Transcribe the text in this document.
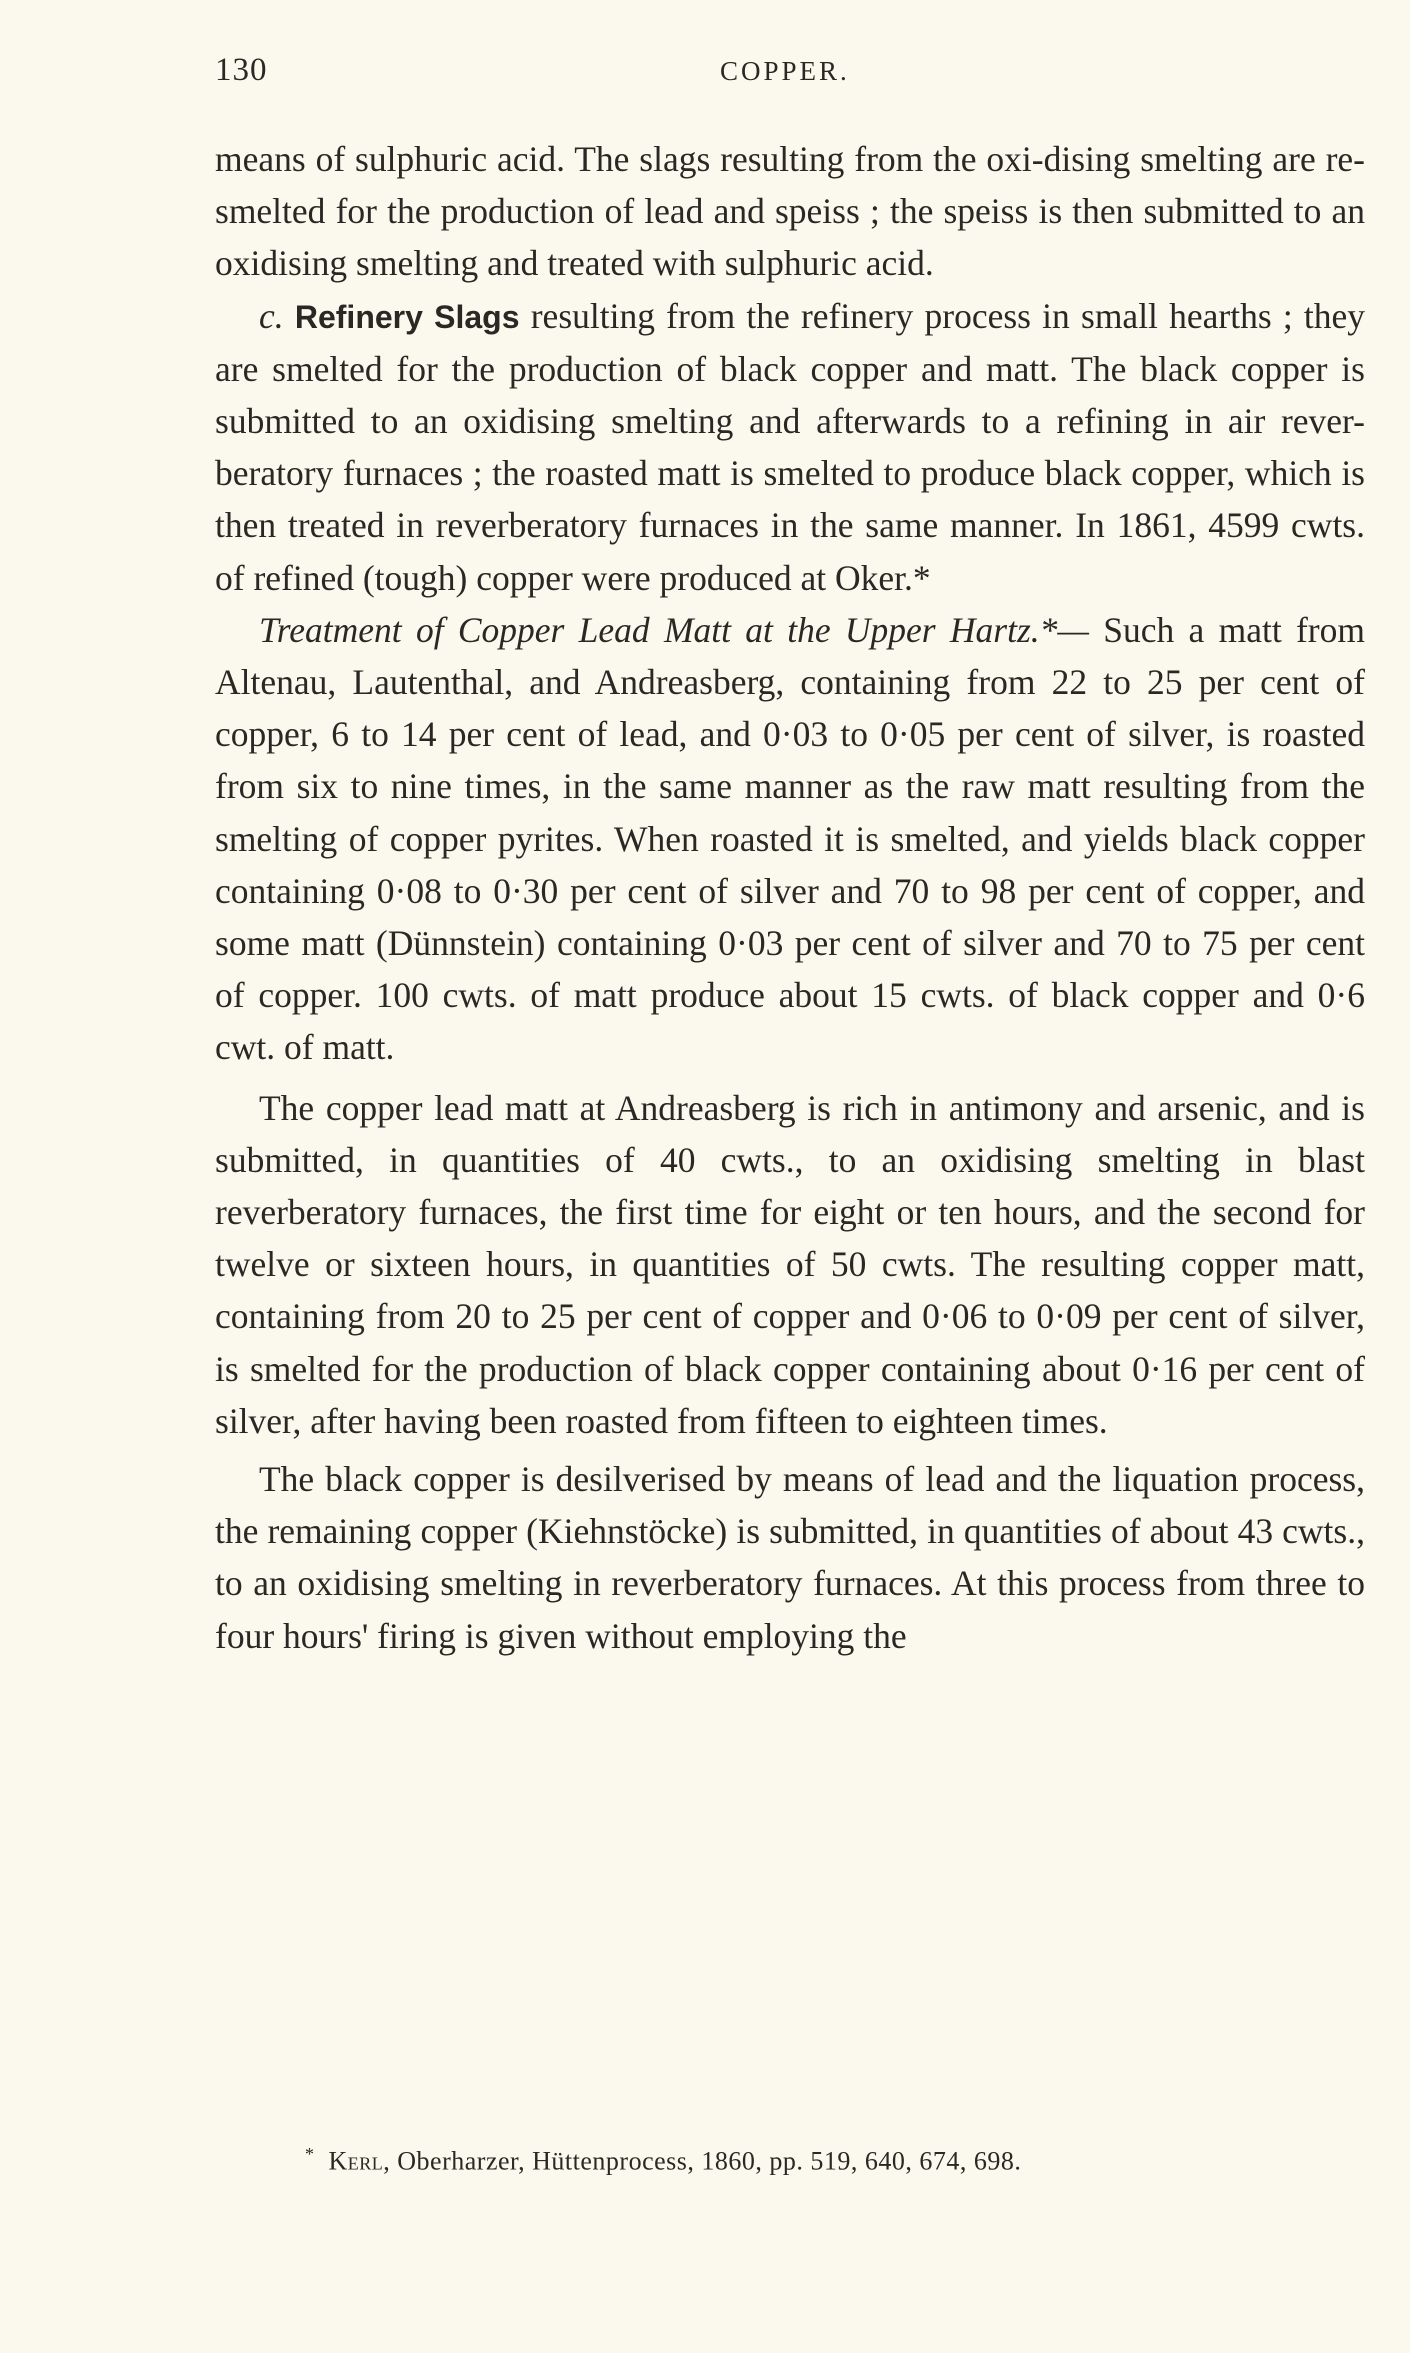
130	COPPER.

means of sulphuric acid. The slags resulting from the oxi-dising smelting are re-smelted for the production of lead and speiss ; the speiss is then submitted to an oxidising smelting and treated with sulphuric acid.

c. Refinery Slags resulting from the refinery process in small hearths ; they are smelted for the production of black copper and matt. The black copper is submitted to an oxidising smelting and afterwards to a refining in air rever-beratory furnaces ; the roasted matt is smelted to produce black copper, which is then treated in reverberatory furnaces in the same manner. In 1861, 4599 cwts. of refined (tough) copper were produced at Oker.*

Treatment of Copper Lead Matt at the Upper Hartz.*— Such a matt from Altenau, Lautenthal, and Andreasberg, containing from 22 to 25 per cent of copper, 6 to 14 per cent of lead, and 0·03 to 0·05 per cent of silver, is roasted from six to nine times, in the same manner as the raw matt resulting from the smelting of copper pyrites. When roasted it is smelted, and yields black copper containing 0·08 to 0·30 per cent of silver and 70 to 98 per cent of copper, and some matt (Dünnstein) containing 0·03 per cent of silver and 70 to 75 per cent of copper. 100 cwts. of matt produce about 15 cwts. of black copper and 0·6 cwt. of matt.

The copper lead matt at Andreasberg is rich in antimony and arsenic, and is submitted, in quantities of 40 cwts., to an oxidising smelting in blast reverberatory furnaces, the first time for eight or ten hours, and the second for twelve or sixteen hours, in quantities of 50 cwts. The resulting copper matt, containing from 20 to 25 per cent of copper and 0·06 to 0·09 per cent of silver, is smelted for the production of black copper containing about 0·16 per cent of silver, after having been roasted from fifteen to eighteen times.

The black copper is desilverised by means of lead and the liquation process, the remaining copper (Kiehnstöcke) is submitted, in quantities of about 43 cwts., to an oxidising smelting in reverberatory furnaces. At this process from three to four hours' firing is given without employing the

* Kerl, Oberharzer, Hüttenprocess, 1860, pp. 519, 640, 674, 698.
